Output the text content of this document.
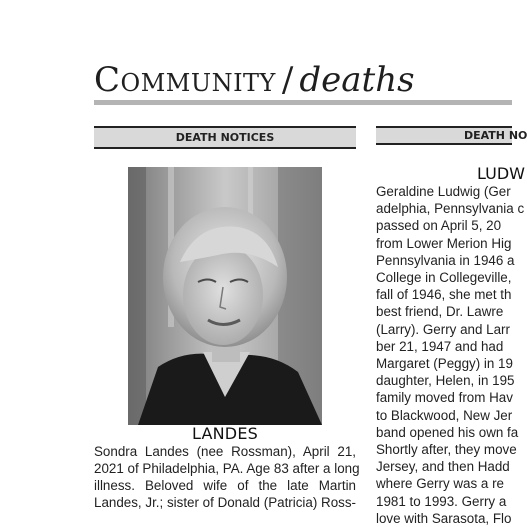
Community / deaths
DEATH NOTICES	DEATH NO
LANDES
Sondra Landes (nee Rossman), April 21,
2021 of Philadelphia, PA. Age 83 after a long
illness. Beloved wife of the late Martin
Landes, Jr.; sister of Donald (Patricia) Ross-
LUDW
Geraldine Ludwig (Ger
adelphia, Pennsylvania c
passed on April 5, 20
from Lower Merion Hig
Pennsylvania in 1946 a
College in Collegeville,
fall of 1946, she met th
best friend, Dr. Lawre
(Larry). Gerry and Larr
ber 21, 1947 and had
Margaret (Peggy) in 19
daughter, Helen, in 195
family moved from Hav
to Blackwood, New Jer
band opened his own fa
Shortly after, they move
Jersey, and then Hadd
where Gerry was a re
1981 to 1993. Gerry a
love with Sarasota, Flo
